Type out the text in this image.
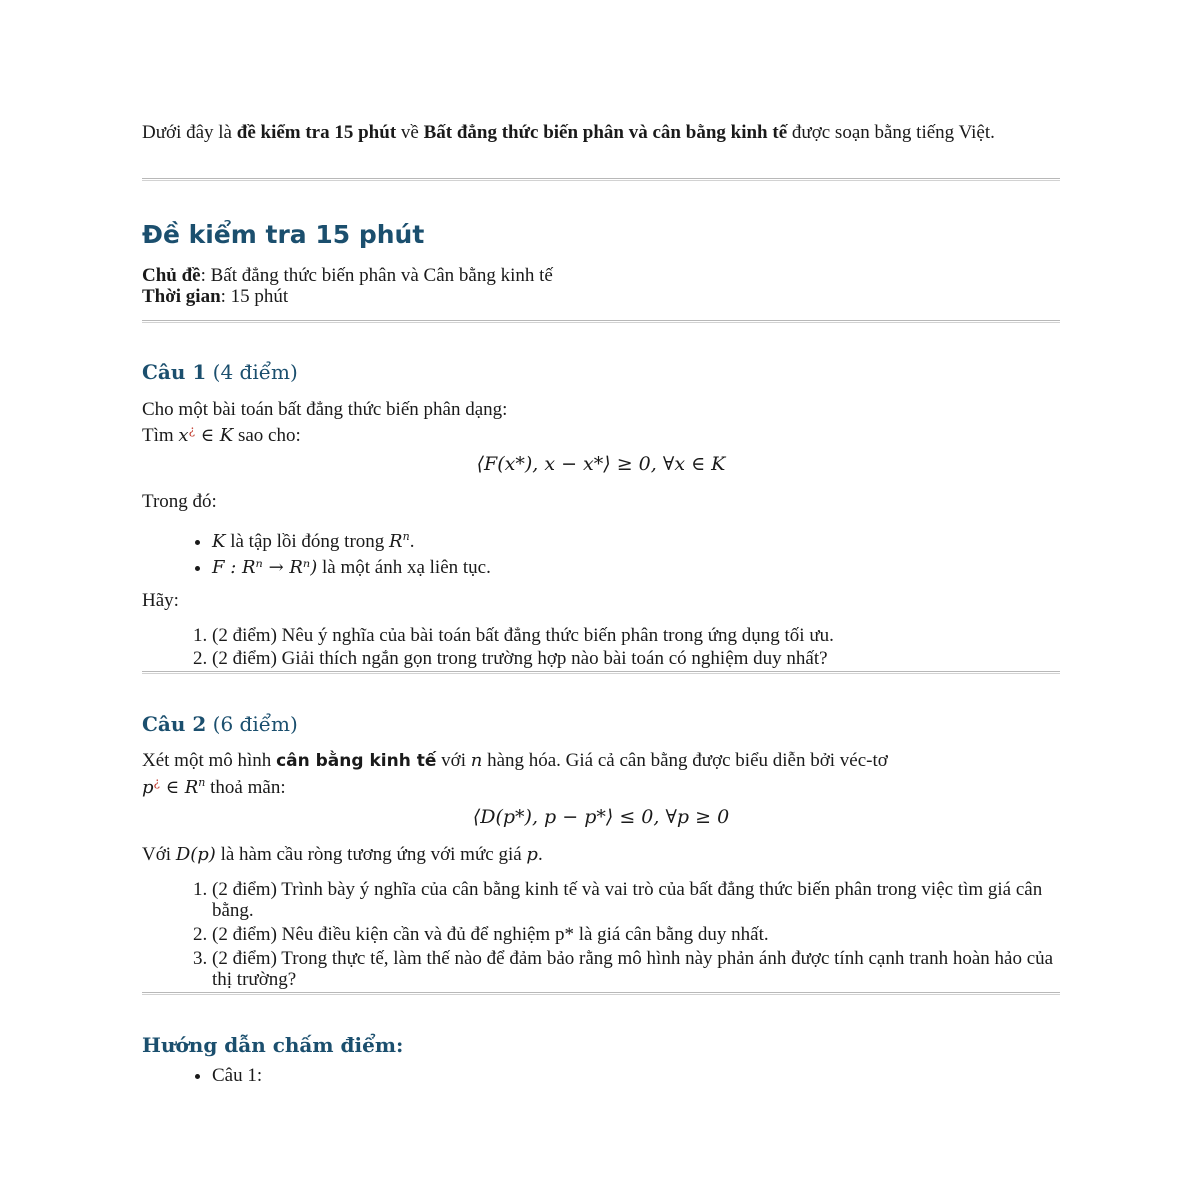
Dưới đây là đề kiểm tra 15 phút về Bất đẳng thức biến phân và cân bằng kinh tế được soạn bằng tiếng Việt.

Đề kiểm tra 15 phút

Chủ đề: Bất đẳng thức biến phân và Cân bằng kinh tế

Thời gian: 15 phút

Câu 1 (4 điểm)

Cho một bài toán bất đẳng thức biến phân dạng:

Tìm x¿ ∈ K sao cho:

⟨F(x*), x − x*⟩ ≥ 0, ∀x ∈ K

Trong đó:

• K là tập lồi đóng trong $R^n$.
• F : Rⁿ → Rⁿ) là một ánh xạ liên tục.

Hãy:

1. (2 điểm) Nêu ý nghĩa của bài toán bất đẳng thức biến phân trong ứng dụng tối ưu.
2. (2 điểm) Giải thích ngắn gọn trong trường hợp nào bài toán có nghiệm duy nhất?
Câu 2 (6 điểm)

Xét một mô hình cân bằng kinh tế với n hàng hóa. Giá cả cân bằng được biểu diễn bởi véc-tơ

p¿ ∈ $R^n$ thoả mãn:

⟨D(p*), p − p*⟩ ≤ 0, ∀p ≥ 0

Với D(p) là hàm cầu ròng tương ứng với mức giá p.

1. (2 điểm) Trình bày ý nghĩa của cân bằng kinh tế và vai trò của bất đẳng thức biến phân trong việc tìm giá cân bằng.
2. (2 điểm) Nêu điều kiện cần và đủ để nghiệm p* là giá cân bằng duy nhất.
3. (2 điểm) Trong thực tế, làm thế nào để đảm bảo rằng mô hình này phản ánh được tính cạnh tranh hoàn hảo của thị trường?
Hướng dẫn chấm điểm:
• Câu 1:
